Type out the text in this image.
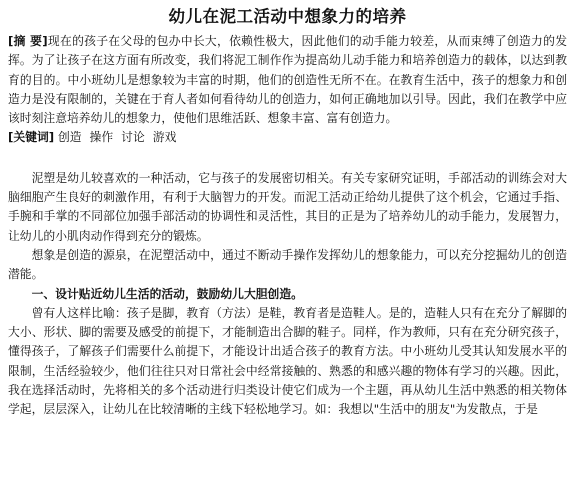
幼儿在泥工活动中想象力的培养

[摘 要]现在的孩子在父母的包办中长大，依赖性极大，因此他们的动手能力较差，从而束缚了创造力的发挥。为了让孩子在这方面有所改变，我们将泥工制作作为提高幼儿动手能力和培养创造力的载体，以达到教育的目的。中小班幼儿是想象较为丰富的时期，他们的创造性无所不在。在教育生活中，孩子的想象力和创造力是没有限制的，关键在于育人者如何看待幼儿的创造力，如何正确地加以引导。因此，我们在教学中应该时刻注意培养幼儿的想象力，使他们思维活跃、想象丰富、富有创造力。

[关键词] 创造 操作 讨论 游戏

泥塑是幼儿较喜欢的一种活动，它与孩子的发展密切相关。有关专家研究证明，手部活动的训练会对大脑细胞产生良好的刺激作用，有利于大脑智力的开发。而泥工活动正给幼儿提供了这个机会，它通过手指、手腕和手掌的不同部位加强手部活动的协调性和灵活性，其目的正是为了培养幼儿的动手能力，发展智力，让幼儿的小肌肉动作得到充分的锻炼。

想象是创造的源泉，在泥塑活动中，通过不断动手操作发挥幼儿的想象能力，可以充分挖掘幼儿的创造潜能。

一、设计贴近幼儿生活的活动，鼓励幼儿大胆创造。

曾有人这样比喻：孩子是脚，教育（方法）是鞋，教育者是造鞋人。是的，造鞋人只有在充分了解脚的大小、形状、脚的需要及感受的前提下，才能制造出合脚的鞋子。同样，作为教师，只有在充分研究孩子，懂得孩子，了解孩子们需要什么前提下，才能设计出适合孩子的教育方法。中小班幼儿受其认知发展水平的限制，生活经验较少，他们往往只对日常社会中经常接触的、熟悉的和感兴趣的物体有学习的兴趣。因此，我在选择活动时，先将相关的多个活动进行归类设计使它们成为一个主题，再从幼儿生活中熟悉的相关物体学起，层层深入，让幼儿在比较清晰的主线下轻松地学习。如：我想以"生活中的朋友"为发散点，于是
